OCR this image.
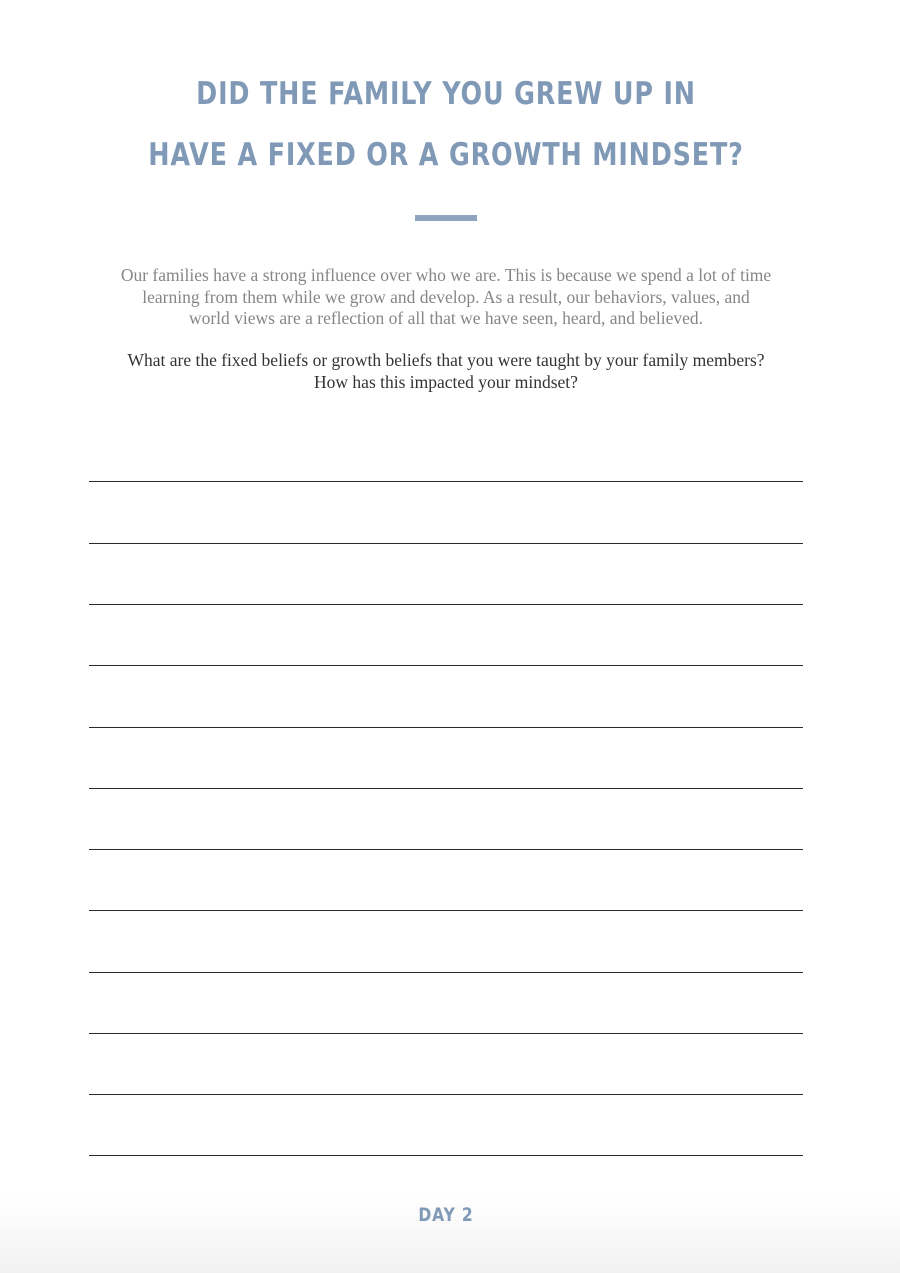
DID THE FAMILY YOU GREW UP IN
HAVE A FIXED OR A GROWTH MINDSET?

Our families have a strong influence over who we are. This is because we spend a lot of time
learning from them while we grow and develop. As a result, our behaviors, values, and
world views are a reflection of all that we have seen, heard, and believed.

What are the fixed beliefs or growth beliefs that you were taught by your family members?
How has this impacted your mindset?

DAY 2
